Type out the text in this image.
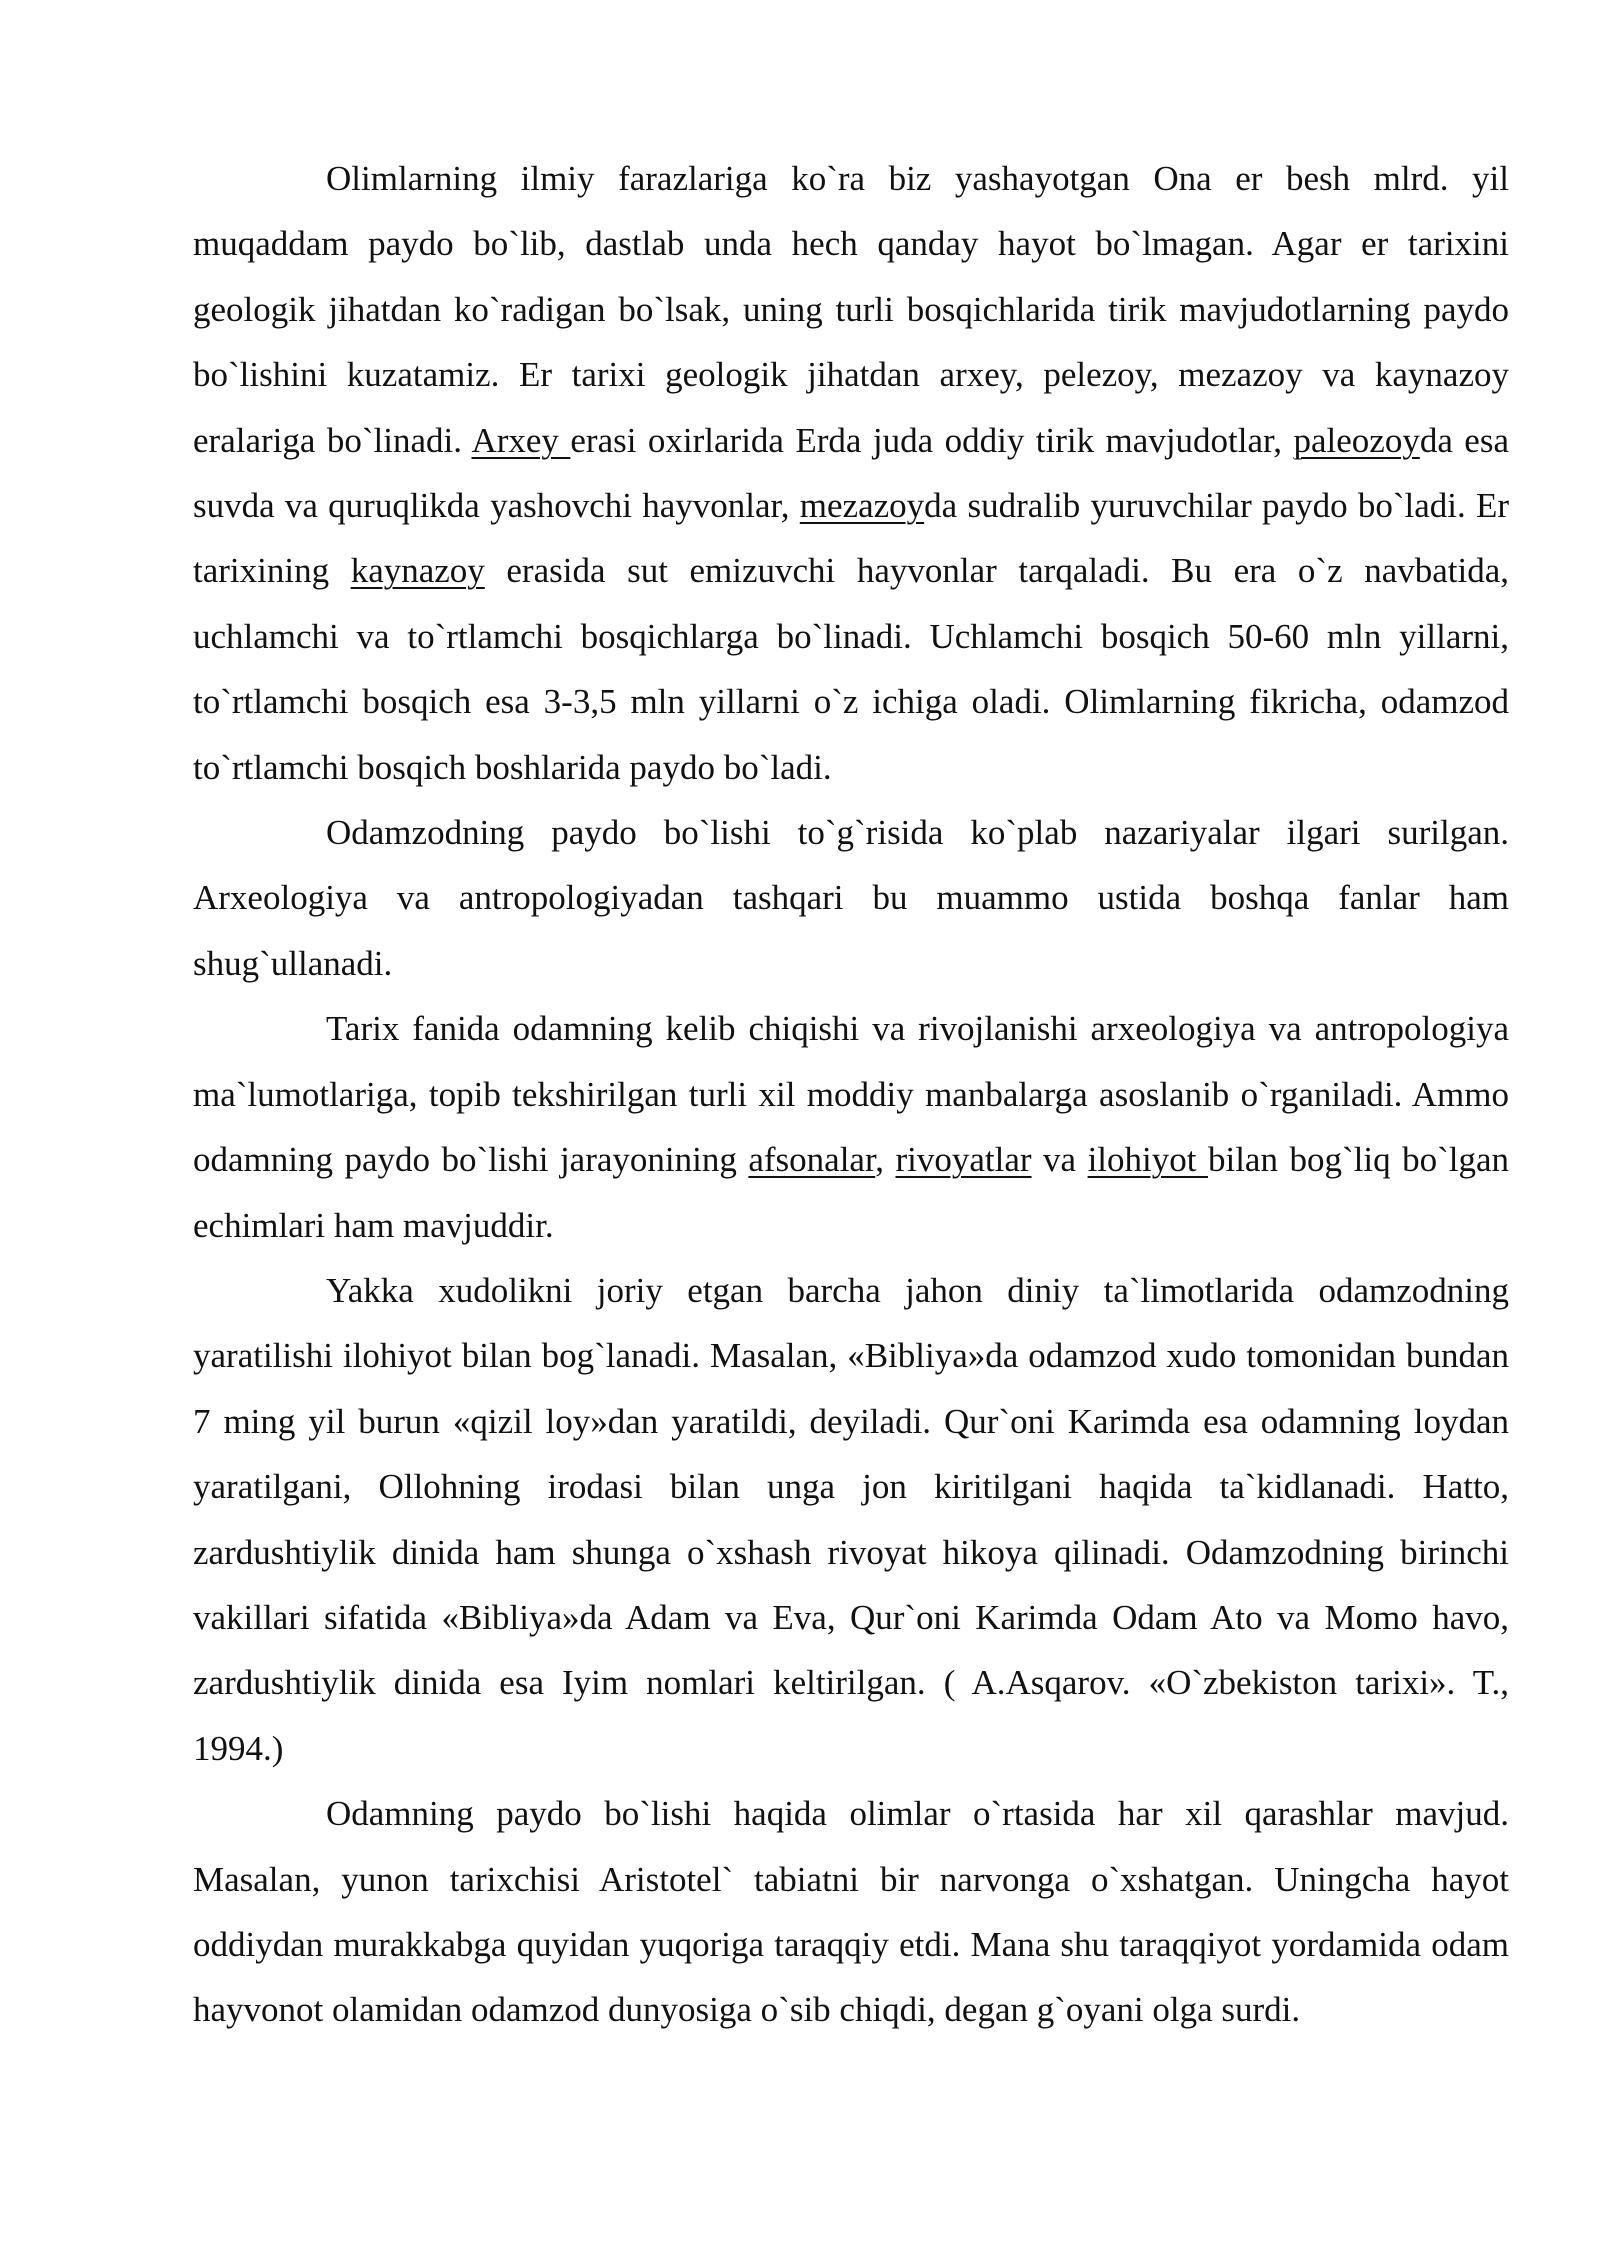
Olimlarning ilmiy farazlariga ko`ra biz yashayotgan Ona er besh mlrd. yil muqaddam paydo bo`lib, dastlab unda hech qanday hayot bo`lmagan. Agar er tarixini geologik jihatdan ko`radigan bo`lsak, uning turli bosqichlarida tirik mavjudotlarning paydo bo`lishini kuzatamiz. Er tarixi geologik jihatdan arxey, pelezoy, mezazoy va kaynazoy eralariga bo`linadi. Arxey erasi oxirlarida Erda juda oddiy tirik mavjudotlar, paleozoyda esa suvda va quruqlikda yashovchi hayvonlar, mezazoyda sudralib yuruvchilar paydo bo`ladi. Er tarixining kaynazoy erasida sut emizuvchi hayvonlar tarqaladi. Bu era o`z navbatida, uchlamchi va to`rtlamchi bosqichlarga bo`linadi. Uchlamchi bosqich 50-60 mln yillarni, to`rtlamchi bosqich esa 3-3,5 mln yillarni o`z ichiga oladi. Olimlarning fikricha, odamzod to`rtlamchi bosqich boshlarida paydo bo`ladi.

Odamzodning paydo bo`lishi to`g`risida ko`plab nazariyalar ilgari surilgan. Arxeologiya va antropologiyadan tashqari bu muammo ustida boshqa fanlar ham shug`ullanadi.

Tarix fanida odamning kelib chiqishi va rivojlanishi arxeologiya va antropologiya ma`lumotlariga, topib tekshirilgan turli xil moddiy manbalarga asoslanib o`rganiladi. Ammo odamning paydo bo`lishi jarayonining afsonalar, rivoyatlar va ilohiyot bilan bog`liq bo`lgan echimlari ham mavjuddir.

Yakka xudolikni joriy etgan barcha jahon diniy ta`limotlarida odamzodning yaratilishi ilohiyot bilan bog`lanadi. Masalan, «Bibliya»da odamzod xudo tomonidan bundan 7 ming yil burun «qizil loy»dan yaratildi, deyiladi. Qur`oni Karimda esa odamning loydan yaratilgani, Ollohning irodasi bilan unga jon kiritilgani haqida ta`kidlanadi. Hatto, zardushtiylik dinida ham shunga o`xshash rivoyat hikoya qilinadi. Odamzodning birinchi vakillari sifatida «Bibliya»da Adam va Eva, Qur`oni Karimda Odam Ato va Momo havo, zardushtiylik dinida esa Iyim nomlari keltirilgan. ( A.Asqarov. «O`zbekiston tarixi». T., 1994.)

Odamning paydo bo`lishi haqida olimlar o`rtasida har xil qarashlar mavjud. Masalan, yunon tarixchisi Aristotel` tabiatni bir narvonga o`xshatgan. Uningcha hayot oddiydan murakkabga quyidan yuqoriga taraqqiy etdi. Mana shu taraqqiyot yordamida odam hayvonot olamidan odamzod dunyosiga o`sib chiqdi, degan g`oyani olga surdi.
